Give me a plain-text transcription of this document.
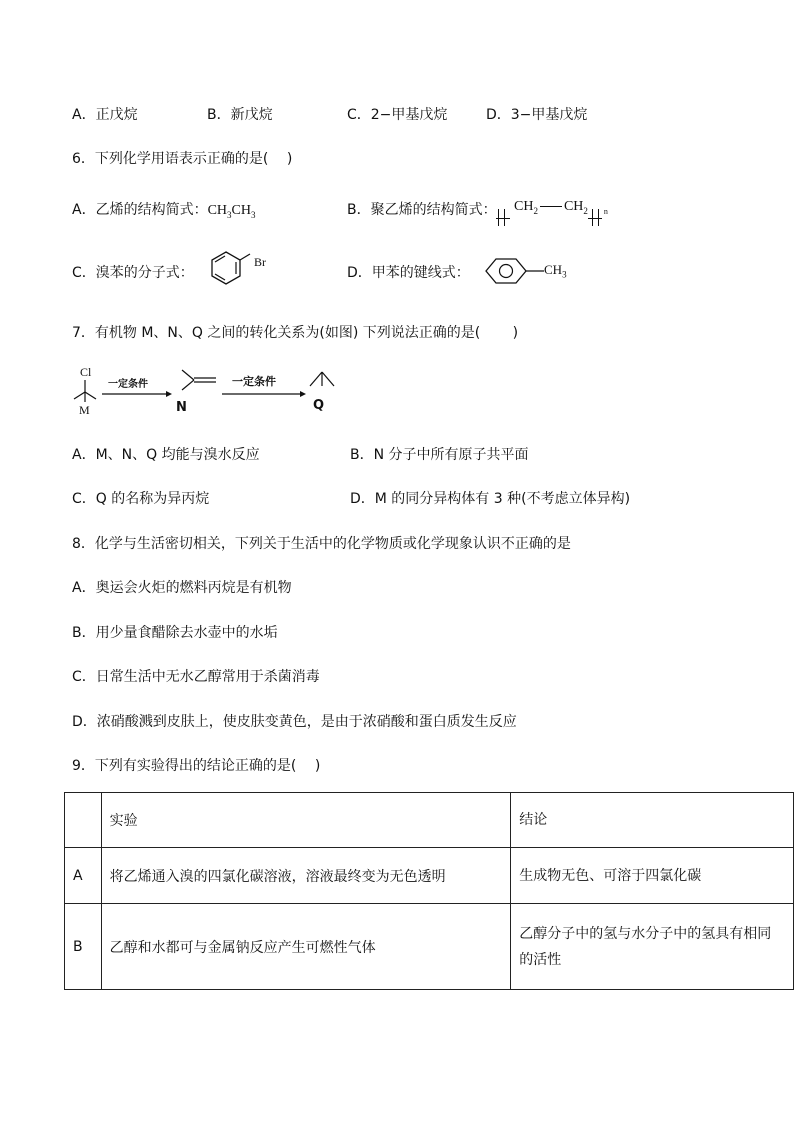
A．正戊烷	B．新戊烷	C．2−甲基戊烷	D．3−甲基戊烷
6．下列化学用语表示正确的是(　 )
A．乙烯的结构简式：$CH_3CH_3$	B．聚乙烯的结构简式：	$CH_2$ $CH_2$ $_n$
C．溴苯的分子式：
Br
D．甲苯的键线式：	$CH_3$
7．有机物 M、N、Q 之间的转化关系为(如图) 下列说法正确的是(　 　)
Cl
M
一定条件
N
一定条件
Q
A．M、N、Q 均能与溴水反应	B．N 分子中所有原子共平面
C．Q 的名称为异丙烷	D．M 的同分异构体有 3 种(不考虑立体异构)
8．化学与生活密切相关，下列关于生活中的化学物质或化学现象认识不正确的是
A．奥运会火炬的燃料丙烷是有机物
B．用少量食醋除去水壶中的水垢
C．日常生活中无水乙醇常用于杀菌消毒
D．浓硝酸溅到皮肤上，使皮肤变黄色，是由于浓硝酸和蛋白质发生反应
9．下列有实验得出的结论正确的是(　 )
	实验	结论
A	将乙烯通入溴的四氯化碳溶液，溶液最终变为无色透明	生成物无色、可溶于四氯化碳
B	乙醇和水都可与金属钠反应产生可燃性气体	乙醇分子中的氢与水分子中的氢具有相同的活性
